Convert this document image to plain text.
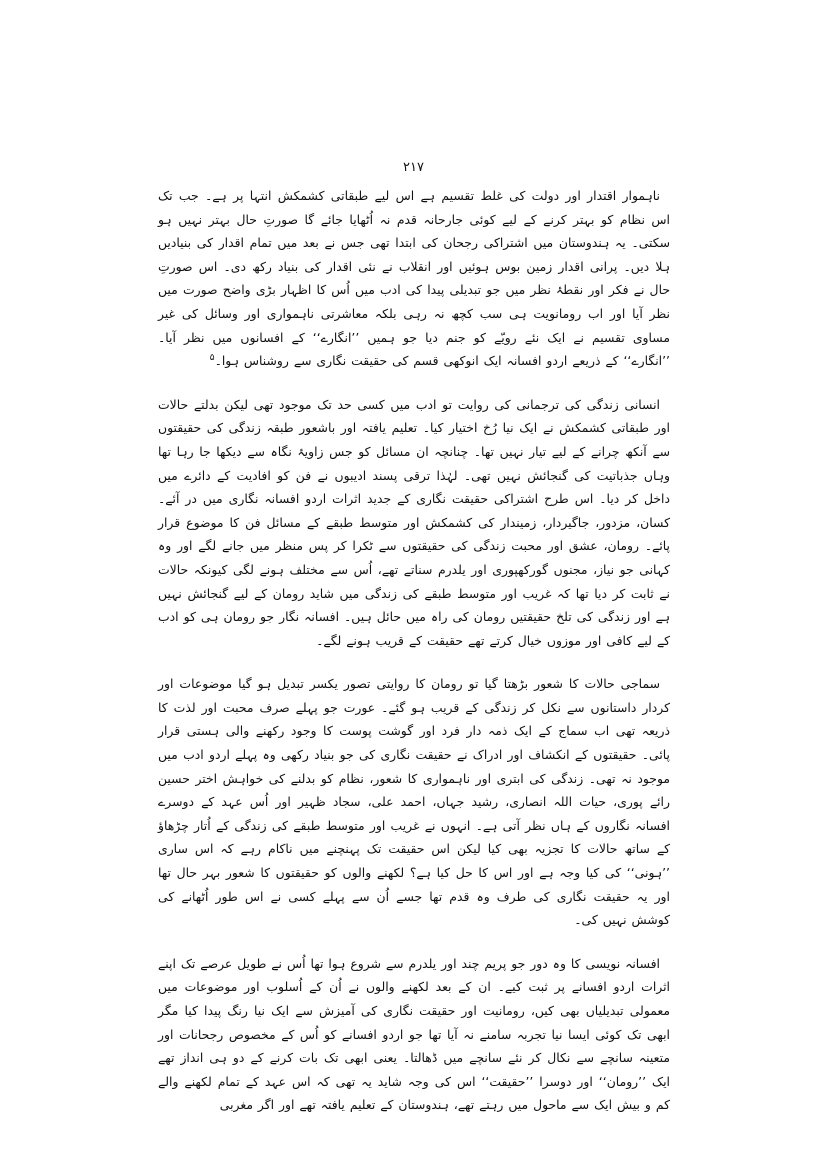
۲۱۷

ناہموار اقتدار اور دولت کی غلط تقسیم ہے اس لیے طبقاتی کشمکش انتہا پر ہے۔ جب تک اس نظام کو بہتر کرنے کے لیے کوئی جارحانہ قدم نہ اُٹھایا جائے گا صورتِ حال بہتر نہیں ہو سکتی۔ یہ ہندوستان میں اشتراکی رجحان کی ابتدا تھی جس نے بعد میں تمام اقدار کی بنیادیں ہلا دیں۔ پرانی اقدار زمین بوس ہوئیں اور انقلاب نے نئی اقدار کی بنیاد رکھ دی۔ اس صورتِ حال نے فکر اور نقطۂ نظر میں جو تبدیلی پیدا کی ادب میں اُس کا اظہار بڑی واضح صورت میں نظر آیا اور اب رومانویت ہی سب کچھ نہ رہی بلکہ معاشرتی ناہمواری اور وسائل کی غیر مساوی تقسیم نے ایک نئے رویّے کو جنم دیا جو ہمیں ’’انگارے‘‘ کے افسانوں میں نظر آیا۔ ’’انگارے‘‘ کے ذریعے اردو افسانہ ایک انوکھی قسم کی حقیقت نگاری سے روشناس ہوا۔$^۵$

انسانی زندگی کی ترجمانی کی روایت تو ادب میں کسی حد تک موجود تھی لیکن بدلتے حالات اور طبقاتی کشمکش نے ایک نیا رُخ اختیار کیا۔ تعلیم یافتہ اور باشعور طبقہ زندگی کی حقیقتوں سے آنکھ چرانے کے لیے تیار نہیں تھا۔ چنانچہ ان مسائل کو جس زاویۂ نگاہ سے دیکھا جا رہا تھا وہاں جذباتیت کی گنجائش نہیں تھی۔ لہٰذا ترقی پسند ادیبوں نے فن کو افادیت کے دائرے میں داخل کر دیا۔ اس طرح اشتراکی حقیقت نگاری کے جدید اثرات اردو افسانہ نگاری میں در آئے۔ کسان، مزدور، جاگیردار، زمیندار کی کشمکش اور متوسط طبقے کے مسائل فن کا موضوع قرار پائے۔ رومان، عشق اور محبت زندگی کی حقیقتوں سے ٹکرا کر پس منظر میں جانے لگے اور وہ کہانی جو نیاز، مجنوں گورکھپوری اور یلدرم سناتے تھے، اُس سے مختلف ہونے لگی کیونکہ حالات نے ثابت کر دیا تھا کہ غریب اور متوسط طبقے کی زندگی میں شاید رومان کے لیے گنجائش نہیں ہے اور زندگی کی تلخ حقیقتیں رومان کی راہ میں حائل ہیں۔ افسانہ نگار جو رومان ہی کو ادب کے لیے کافی اور موزوں خیال کرتے تھے حقیقت کے قریب ہونے لگے۔

سماجی حالات کا شعور بڑھتا گیا تو رومان کا روایتی تصور یکسر تبدیل ہو گیا موضوعات اور کردار داستانوں سے نکل کر زندگی کے قریب ہو گئے۔ عورت جو پہلے صرف محبت اور لذت کا ذریعہ تھی اب سماج کے ایک ذمہ دار فرد اور گوشت پوست کا وجود رکھنے والی ہستی قرار پائی۔ حقیقتوں کے انکشاف اور ادراک نے حقیقت نگاری کی جو بنیاد رکھی وہ پہلے اردو ادب میں موجود نہ تھی۔ زندگی کی ابتری اور ناہمواری کا شعور، نظام کو بدلنے کی خواہش اختر حسین رائے پوری، حیات اللہ انصاری، رشید جہاں، احمد علی، سجاد ظہیر اور اُس عہد کے دوسرے افسانہ نگاروں کے ہاں نظر آتی ہے۔ انہوں نے غریب اور متوسط طبقے کی زندگی کے اُتار چڑھاؤ کے ساتھ حالات کا تجزیہ بھی کیا لیکن اس حقیقت تک پہنچنے میں ناکام رہے کہ اس ساری ’’ہونی‘‘ کی کیا وجہ ہے اور اس کا حل کیا ہے؟ لکھنے والوں کو حقیقتوں کا شعور بہر حال تھا اور یہ حقیقت نگاری کی طرف وہ قدم تھا جسے اُن سے پہلے کسی نے اس طور اُٹھانے کی کوشش نہیں کی۔

افسانہ نویسی کا وہ دور جو پریم چند اور یلدرم سے شروع ہوا تھا اُس نے طویل عرصے تک اپنے اثرات اردو افسانے پر ثبت کیے۔ ان کے بعد لکھنے والوں نے اُن کے اُسلوب اور موضوعات میں معمولی تبدیلیاں بھی کیں، رومانیت اور حقیقت نگاری کی آمیزش سے ایک نیا رنگ پیدا کیا مگر ابھی تک کوئی ایسا نیا تجربہ سامنے نہ آیا تھا جو اردو افسانے کو اُس کے مخصوص رجحانات اور متعینہ سانچے سے نکال کر نئے سانچے میں ڈھالتا۔ یعنی ابھی تک بات کرنے کے دو ہی انداز تھے ایک ’’رومان‘‘ اور دوسرا ’’حقیقت‘‘ اس کی وجہ شاید یہ تھی کہ اس عہد کے تمام لکھنے والے کم و بیش ایک سے ماحول میں رہتے تھے، ہندوستان کے تعلیم یافتہ تھے اور اگر مغربی
